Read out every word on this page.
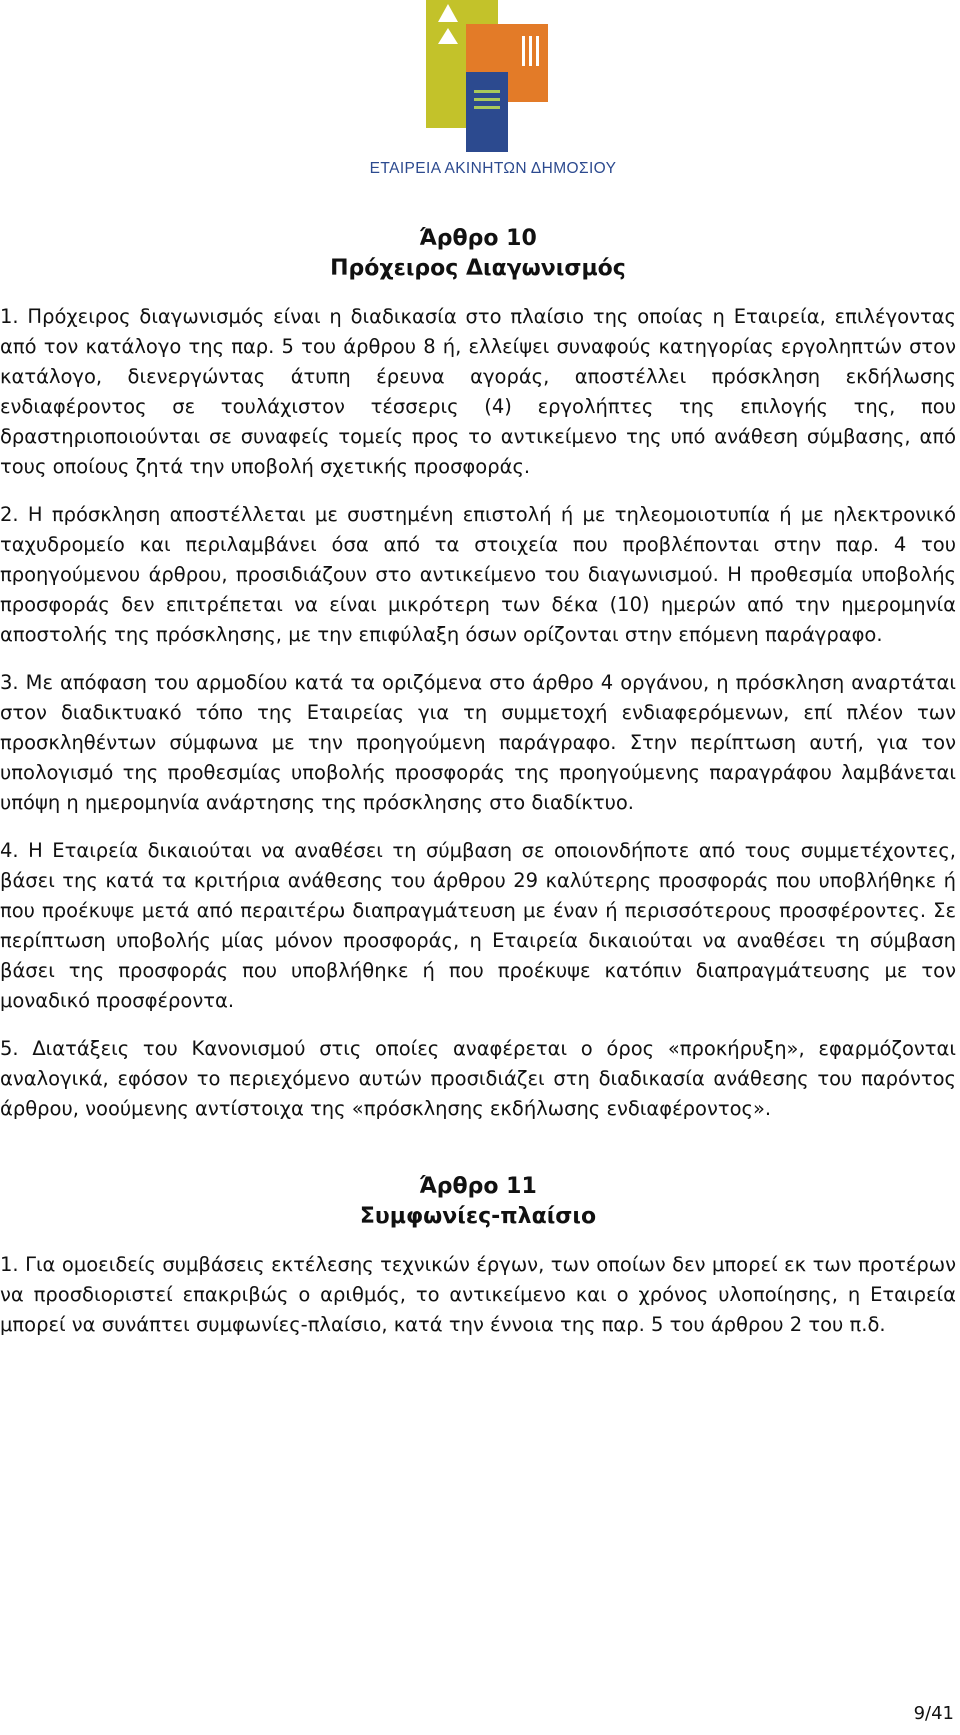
ΕΤΑΙΡΕΙΑ ΑΚΙΝΗΤΩΝ ΔΗΜΟΣΙΟΥ
Άρθρο 10
Πρόχειρος Διαγωνισμός

1. Πρόχειρος διαγωνισμός είναι η διαδικασία στο πλαίσιο της οποίας η Εταιρεία, επιλέγοντας από τον κατάλογο της παρ. 5 του άρθρου 8 ή, ελλείψει συναφούς κατηγορίας εργοληπτών στον κατάλογο, διενεργώντας άτυπη έρευνα αγοράς, αποστέλλει πρόσκληση εκδήλωσης ενδιαφέροντος σε τουλάχιστον τέσσερις (4) εργολήπτες της επιλογής της, που δραστηριοποιούνται σε συναφείς τομείς προς το αντικείμενο της υπό ανάθεση σύμβασης, από τους οποίους ζητά την υποβολή σχετικής προσφοράς.

2. Η πρόσκληση αποστέλλεται με συστημένη επιστολή ή με τηλεομοιοτυπία ή με ηλεκτρονικό ταχυδρομείο και περιλαμβάνει όσα από τα στοιχεία που προβλέπονται στην παρ. 4 του προηγούμενου άρθρου, προσιδιάζουν στο αντικείμενο του διαγωνισμού. Η προθεσμία υποβολής προσφοράς δεν επιτρέπεται να είναι μικρότερη των δέκα (10) ημερών από την ημερομηνία αποστολής της πρόσκλησης, με την επιφύλαξη όσων ορίζονται στην επόμενη παράγραφο.

3. Με απόφαση του αρμοδίου κατά τα οριζόμενα στο άρθρο 4 οργάνου, η πρόσκληση αναρτάται στον διαδικτυακό τόπο της Εταιρείας για τη συμμετοχή ενδιαφερόμενων, επί πλέον των προσκληθέντων σύμφωνα με την προηγούμενη παράγραφο. Στην περίπτωση αυτή, για τον υπολογισμό της προθεσμίας υποβολής προσφοράς της προηγούμενης παραγράφου λαμβάνεται υπόψη η ημερομηνία ανάρτησης της πρόσκλησης στο διαδίκτυο.

4. Η Εταιρεία δικαιούται να αναθέσει τη σύμβαση σε οποιονδήποτε από τους συμμετέχοντες, βάσει της κατά τα κριτήρια ανάθεσης του άρθρου 29 καλύτερης προσφοράς που υποβλήθηκε ή που προέκυψε μετά από περαιτέρω διαπραγμάτευση με έναν ή περισσότερους προσφέροντες. Σε περίπτωση υποβολής μίας μόνον προσφοράς, η Εταιρεία δικαιούται να αναθέσει τη σύμβαση βάσει της προσφοράς που υποβλήθηκε ή που προέκυψε κατόπιν διαπραγμάτευσης με τον μοναδικό προσφέροντα.

5. Διατάξεις του Κανονισμού στις οποίες αναφέρεται ο όρος «προκήρυξη», εφαρμόζονται αναλογικά, εφόσον το περιεχόμενο αυτών προσιδιάζει στη διαδικασία ανάθεσης του παρόντος άρθρου, νοούμενης αντίστοιχα της «πρόσκλησης εκδήλωσης ενδιαφέροντος».

Άρθρο 11
Συμφωνίες-πλαίσιο

1. Για ομοειδείς συμβάσεις εκτέλεσης τεχνικών έργων, των οποίων δεν μπορεί εκ των προτέρων να προσδιοριστεί επακριβώς ο αριθμός, το αντικείμενο και ο χρόνος υλοποίησης, η Εταιρεία μπορεί να συνάπτει συμφωνίες-πλαίσιο, κατά την έννοια της παρ. 5 του άρθρου 2 του π.δ.

9/41
